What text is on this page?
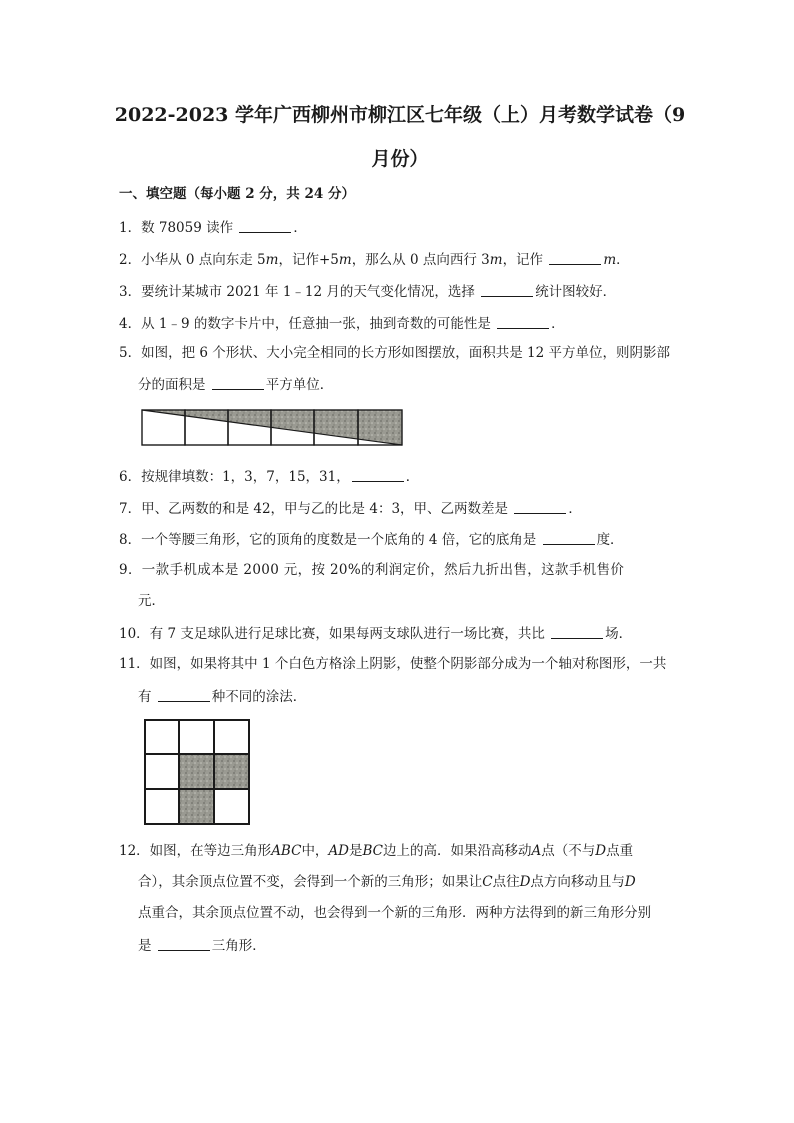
2022-2023 学年广西柳州市柳江区七年级（上）月考数学试卷（9
月份）
一、填空题（每小题 2 分，共 24 分）
1．数 78059 读作	．
2．小华从 0 点向东走 5m，记作+5m，那么从 0 点向西行 3m，记作	m．
3．要统计某城市 2021 年 1﹣12 月的天气变化情况，选择	统计图较好．
4．从 1﹣9 的数字卡片中，任意抽一张，抽到奇数的可能性是	．
5．如图，把 6 个形状、大小完全相同的长方形如图摆放，面积共是 12 平方单位，则阴影部
分的面积是	平方单位．
6．按规律填数：1，3，7，15，31，	．
7．甲、乙两数的和是 42，甲与乙的比是 4：3，甲、乙两数差是	．
8．一个等腰三角形，它的顶角的度数是一个底角的 4 倍，它的底角是	度．
9．一款手机成本是 2000 元，按 20%的利润定价，然后九折出售，这款手机售价
元．
10．有 7 支足球队进行足球比赛，如果每两支球队进行一场比赛，共比	场．
11．如图，如果将其中 1 个白色方格涂上阴影，使整个阴影部分成为一个轴对称图形，一共
有	种不同的涂法．
12．如图，在等边三角形ABC中，AD是BC边上的高．如果沿高移动A点（不与D点重
合），其余顶点位置不变，会得到一个新的三角形；如果让C点往D点方向移动且与D
点重合，其余顶点位置不动，也会得到一个新的三角形．两种方法得到的新三角形分别
是	三角形．
